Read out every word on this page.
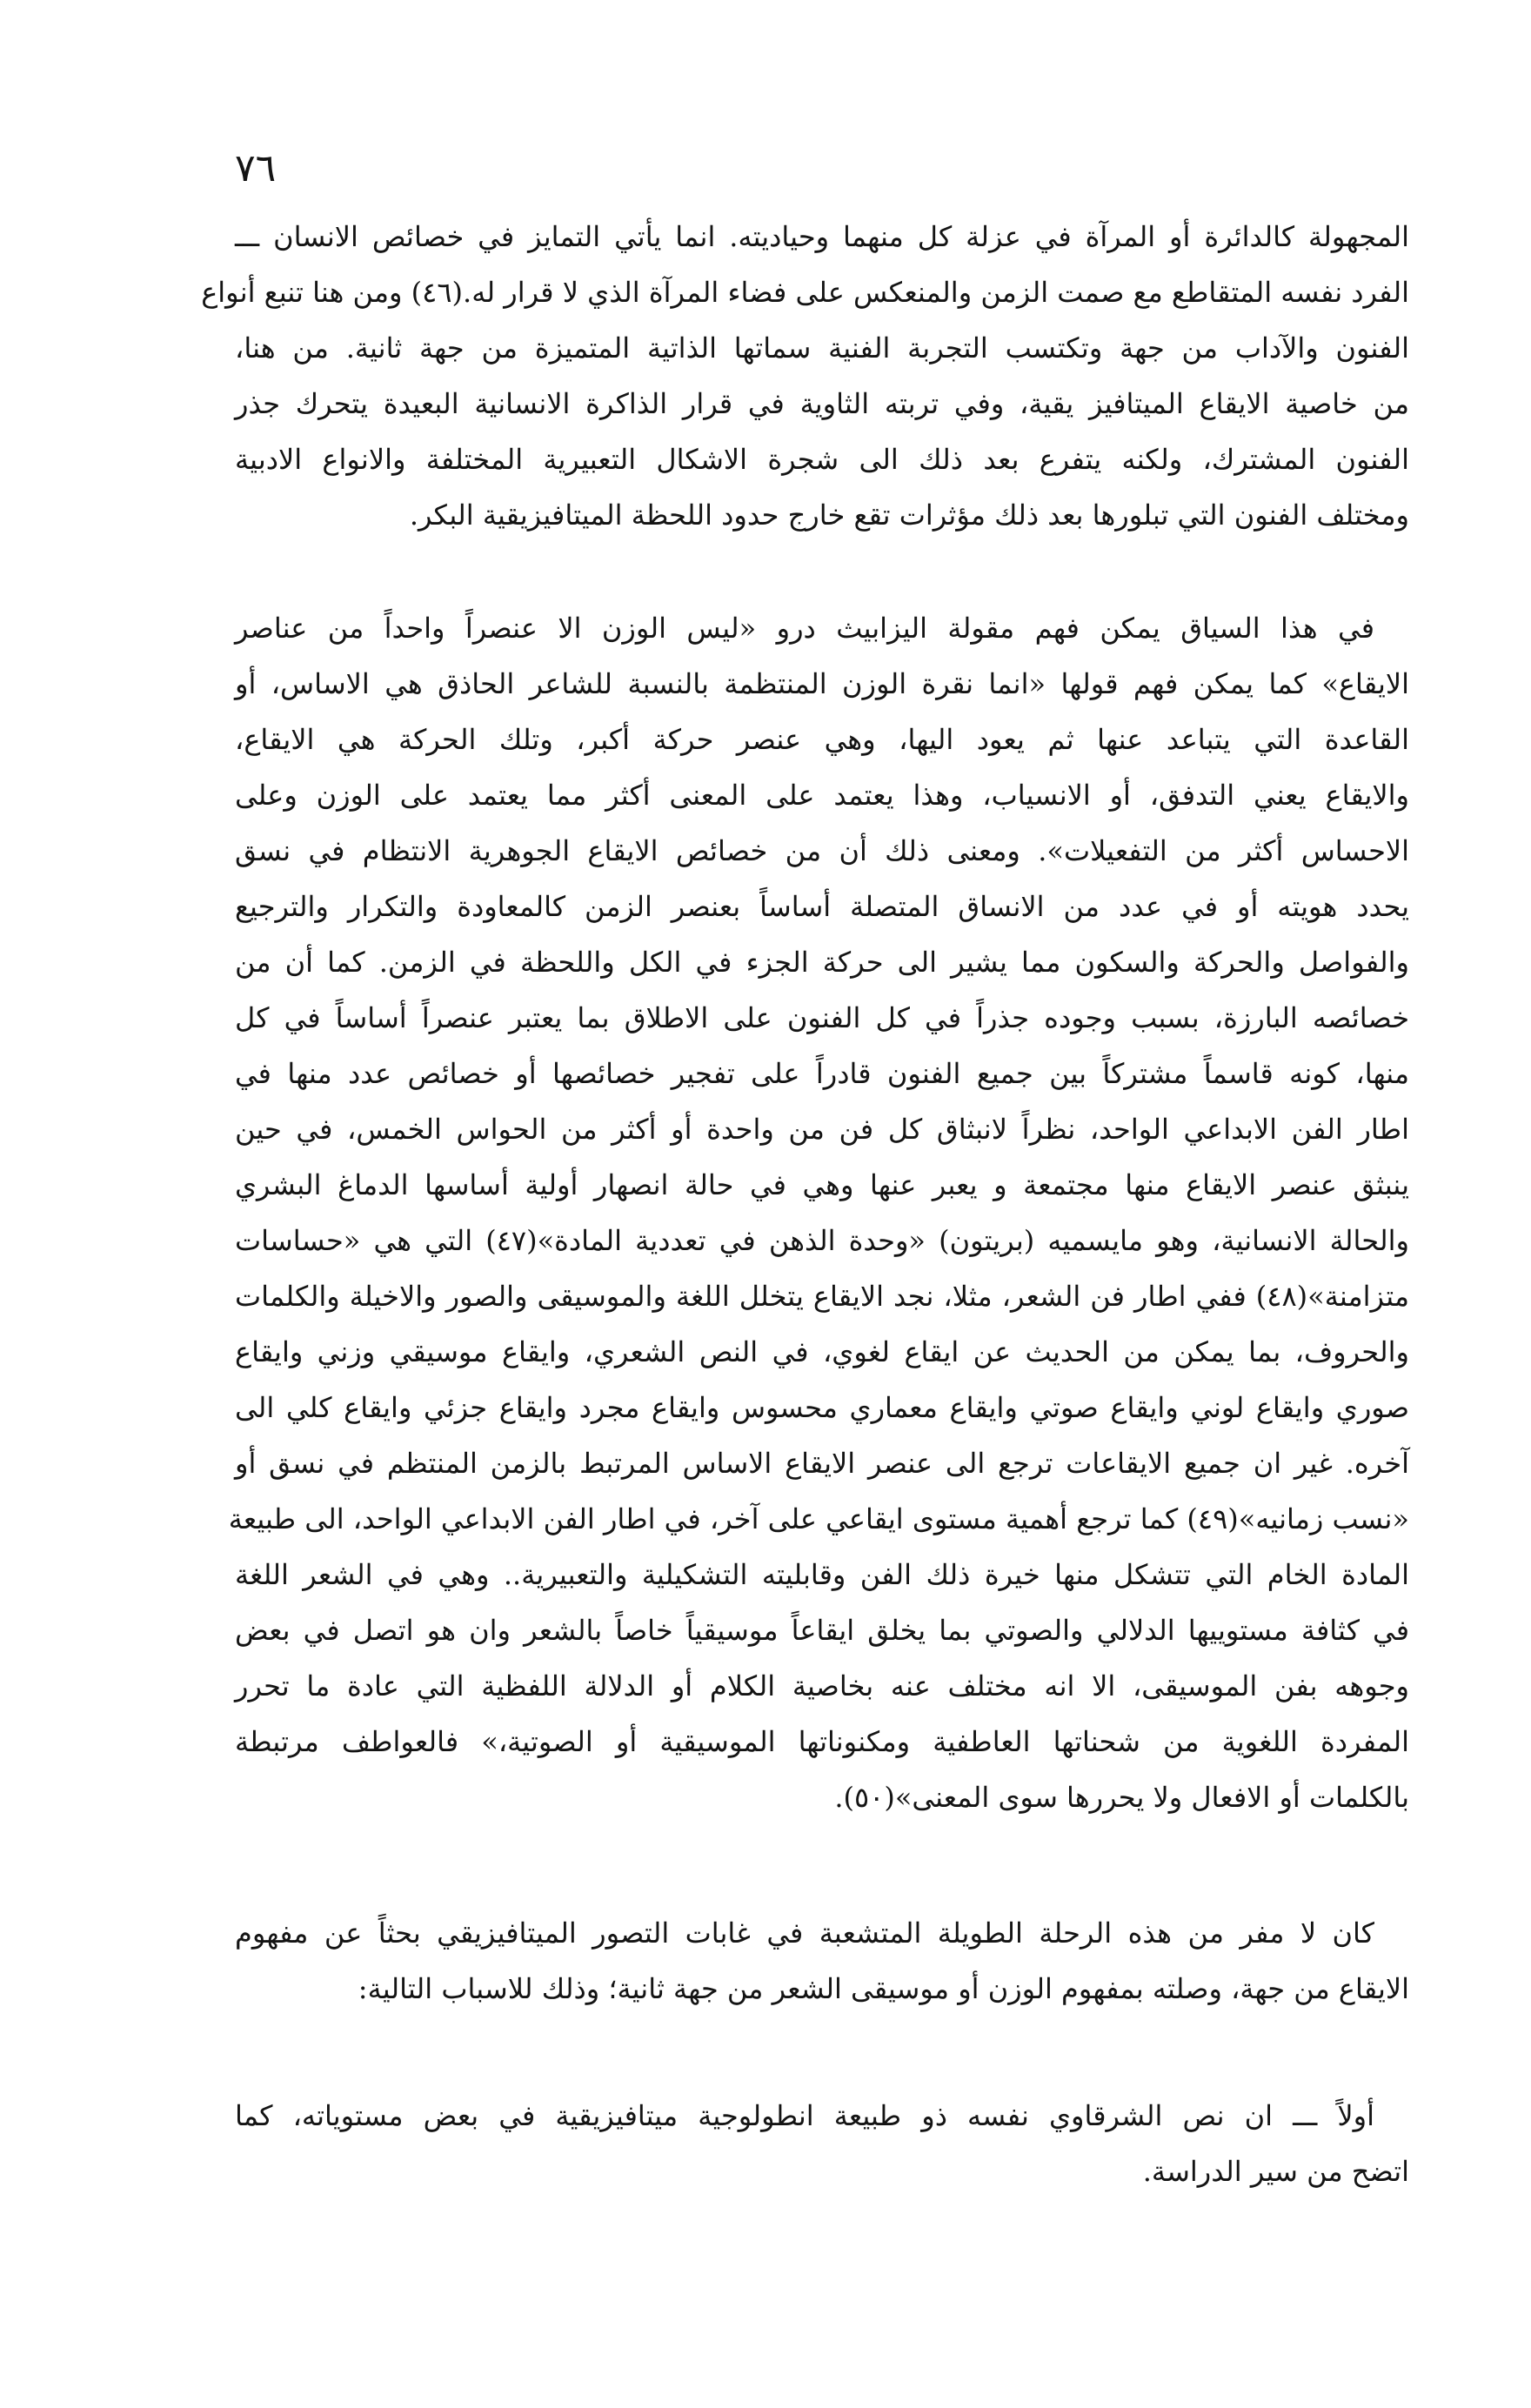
٧٦
المجهولة كالدائرة أو المرآة في عزلة كل منهما وحياديته. انما يأتي التمايز في خصائص الانسان ـــ
الفرد نفسه المتقاطع مع صمت الزمن والمنعكس على فضاء المرآة الذي لا قرار له.(٤٦) ومن هنا تنبع أنواع
الفنون والآداب من جهة وتكتسب التجربة الفنية سماتها الذاتية المتميزة من جهة ثانية. من هنا،
من خاصية الايقاع الميتافيز يقية، وفي تربته الثاوية في قرار الذاكرة الانسانية البعيدة يتحرك جذر
الفنون المشترك، ولكنه يتفرع بعد ذلك الى شجرة الاشكال التعبيرية المختلفة والانواع الادبية
ومختلف الفنون التي تبلورها بعد ذلك مؤثرات تقع خارج حدود اللحظة الميتافيزيقية البكر.
في هذا السياق يمكن فهم مقولة اليزابيث درو «ليس الوزن الا عنصراً واحداً من عناصر
الايقاع» كما يمكن فهم قولها «انما نقرة الوزن المنتظمة بالنسبة للشاعر الحاذق هي الاساس، أو
القاعدة التي يتباعد عنها ثم يعود اليها، وهي عنصر حركة أكبر، وتلك الحركة هي الايقاع،
والايقاع يعني التدفق، أو الانسياب، وهذا يعتمد على المعنى أكثر مما يعتمد على الوزن وعلى
الاحساس أكثر من التفعيلات». ومعنى ذلك أن من خصائص الايقاع الجوهرية الانتظام في نسق
يحدد هويته أو في عدد من الانساق المتصلة أساساً بعنصر الزمن كالمعاودة والتكرار والترجيع
والفواصل والحركة والسكون مما يشير الى حركة الجزء في الكل واللحظة في الزمن. كما أن من
خصائصه البارزة، بسبب وجوده جذراً في كل الفنون على الاطلاق بما يعتبر عنصراً أساساً في كل
منها، كونه قاسماً مشتركاً بين جميع الفنون قادراً على تفجير خصائصها أو خصائص عدد منها في
اطار الفن الابداعي الواحد، نظراً لانبثاق كل فن من واحدة أو أكثر من الحواس الخمس، في حين
ينبثق عنصر الايقاع منها مجتمعة و يعبر عنها وهي في حالة انصهار أولية أساسها الدماغ البشري
والحالة الانسانية، وهو مايسميه (بريتون) «وحدة الذهن في تعددية المادة»(٤٧) التي هي «حساسات
متزامنة»(٤٨) ففي اطار فن الشعر، مثلا، نجد الايقاع يتخلل اللغة والموسيقى والصور والاخيلة والكلمات
والحروف، بما يمكن من الحديث عن ايقاع لغوي، في النص الشعري، وايقاع موسيقي وزني وايقاع
صوري وايقاع لوني وايقاع صوتي وايقاع معماري محسوس وايقاع مجرد وايقاع جزئي وايقاع كلي الى
آخره. غير ان جميع الايقاعات ترجع الى عنصر الايقاع الاساس المرتبط بالزمن المنتظم في نسق أو
«نسب زمانيه»(٤٩) كما ترجع أهمية مستوى ايقاعي على آخر، في اطار الفن الابداعي الواحد، الى طبيعة
المادة الخام التي تتشكل منها خيرة ذلك الفن وقابليته التشكيلية والتعبيرية.. وهي في الشعر اللغة
في كثافة مستوييها الدلالي والصوتي بما يخلق ايقاعاً موسيقياً خاصاً بالشعر وان هو اتصل في بعض
وجوهه بفن الموسيقى، الا انه مختلف عنه بخاصية الكلام أو الدلالة اللفظية التي عادة ما تحرر
المفردة اللغوية من شحناتها العاطفية ومكنوناتها الموسيقية أو الصوتية،» فالعواطف مرتبطة
بالكلمات أو الافعال ولا يحررها سوى المعنى»(٥٠).
كان لا مفر من هذه الرحلة الطويلة المتشعبة في غابات التصور الميتافيزيقي بحثاً عن مفهوم
الايقاع من جهة، وصلته بمفهوم الوزن أو موسيقى الشعر من جهة ثانية؛ وذلك للاسباب التالية:
أولاً ـــ ان نص الشرقاوي نفسه ذو طبيعة انطولوجية ميتافيزيقية في بعض مستوياته، كما
اتضح من سير الدراسة.
